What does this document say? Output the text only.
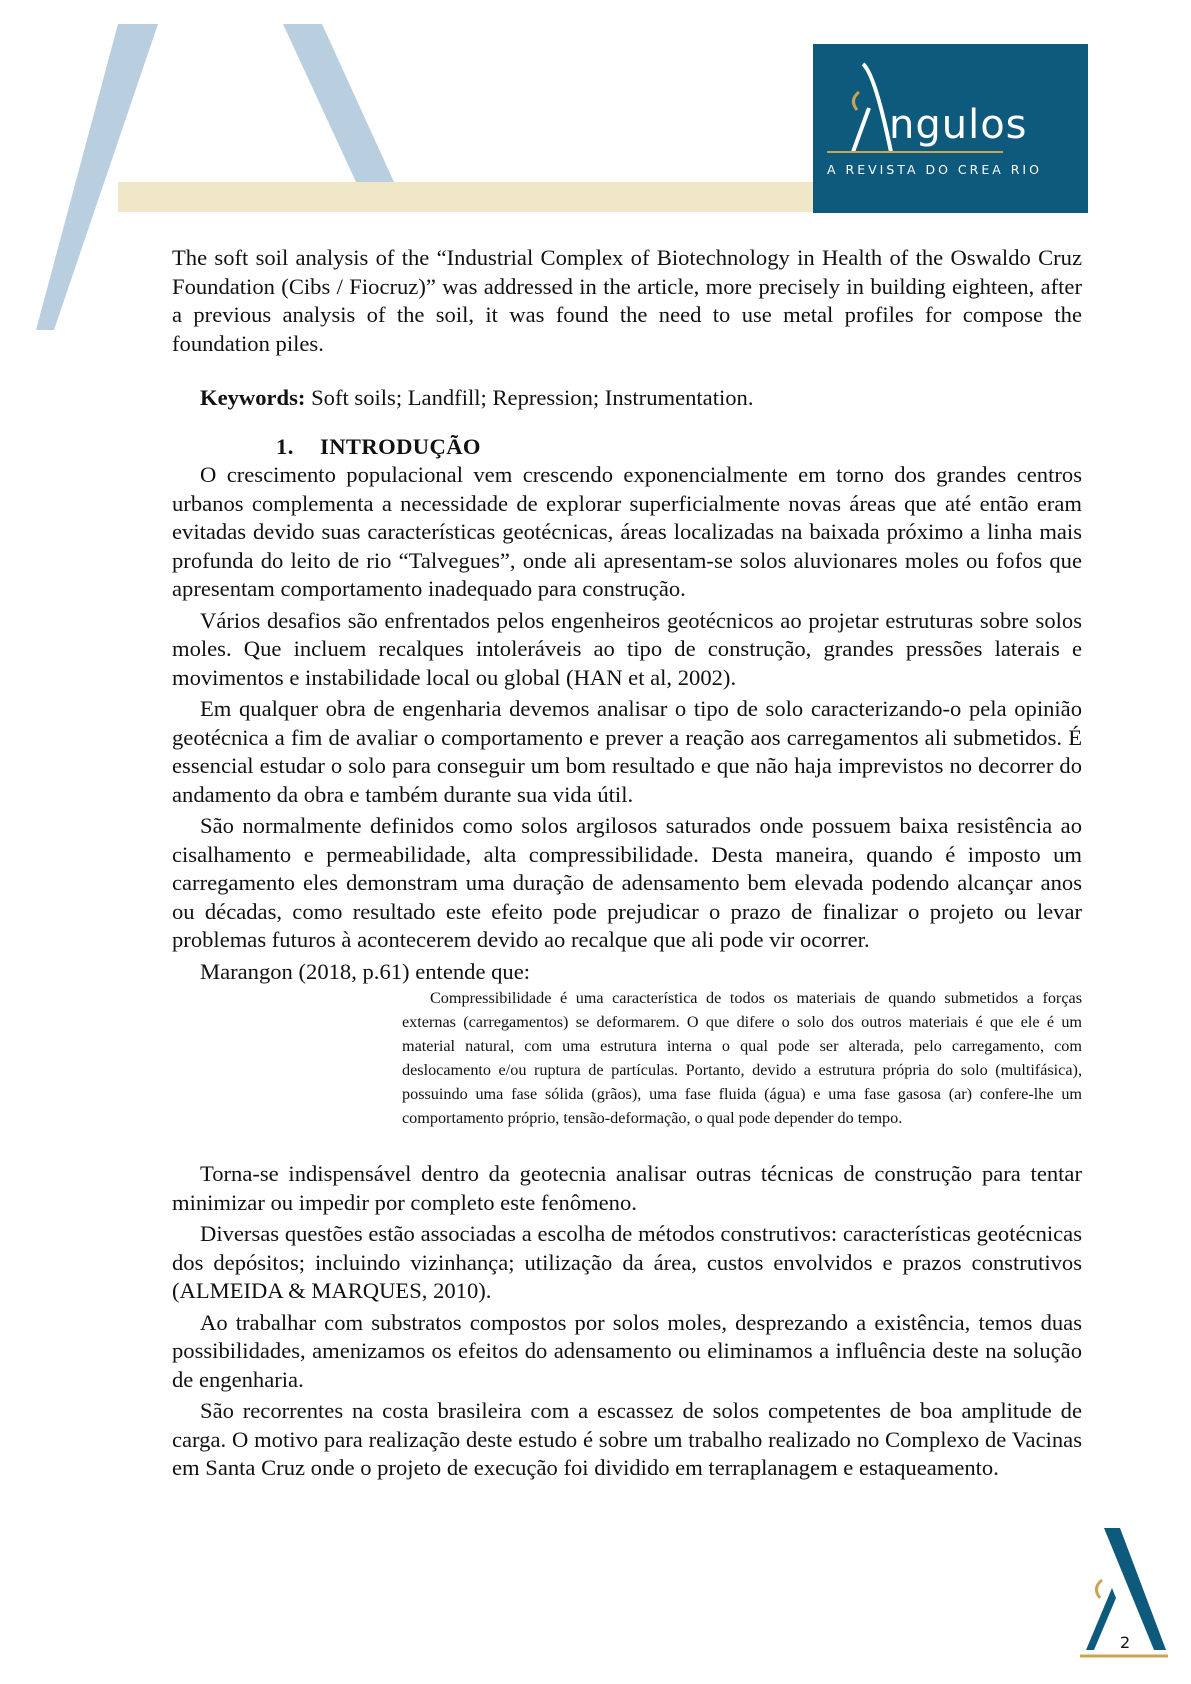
ngulos
A REVISTA DO CREA RIO

The soft soil analysis of the “Industrial Complex of Biotechnology in Health of the Oswaldo Cruz Foundation (Cibs / Fiocruz)” was addressed in the article, more precisely in building eighteen, after a previous analysis of the soil, it was found the need to use metal profiles for compose the foundation piles.

Keywords: Soft soils; Landfill; Repression; Instrumentation.

1. INTRODUÇÃO

O crescimento populacional vem crescendo exponencialmente em torno dos grandes centros urbanos complementa a necessidade de explorar superficialmente novas áreas que até então eram evitadas devido suas características geotécnicas, áreas localizadas na baixada próximo a linha mais profunda do leito de rio “Talvegues”, onde ali apresentam-se solos aluvionares moles ou fofos que apresentam comportamento inadequado para construção.

Vários desafios são enfrentados pelos engenheiros geotécnicos ao projetar estruturas sobre solos moles. Que incluem recalques intoleráveis ao tipo de construção, grandes pressões laterais e movimentos e instabilidade local ou global (HAN et al, 2002).

Em qualquer obra de engenharia devemos analisar o tipo de solo caracterizando-o pela opinião geotécnica a fim de avaliar o comportamento e prever a reação aos carregamentos ali submetidos. É essencial estudar o solo para conseguir um bom resultado e que não haja imprevistos no decorrer do andamento da obra e também durante sua vida útil.

São normalmente definidos como solos argilosos saturados onde possuem baixa resistência ao cisalhamento e permeabilidade, alta compressibilidade. Desta maneira, quando é imposto um carregamento eles demonstram uma duração de adensamento bem elevada podendo alcançar anos ou décadas, como resultado este efeito pode prejudicar o prazo de finalizar o projeto ou levar problemas futuros à acontecerem devido ao recalque que ali pode vir ocorrer.

Marangon (2018, p.61) entende que:

Compressibilidade é uma característica de todos os materiais de quando submetidos a forças externas (carregamentos) se deformarem. O que difere o solo dos outros materiais é que ele é um material natural, com uma estrutura interna o qual pode ser alterada, pelo carregamento, com deslocamento e/ou ruptura de partículas. Portanto, devido a estrutura própria do solo (multifásica), possuindo uma fase sólida (grãos), uma fase fluida (água) e uma fase gasosa (ar) confere-lhe um comportamento próprio, tensão-deformação, o qual pode depender do tempo.

Torna-se indispensável dentro da geotecnia analisar outras técnicas de construção para tentar minimizar ou impedir por completo este fenômeno.

Diversas questões estão associadas a escolha de métodos construtivos: características geotécnicas dos depósitos; incluindo vizinhança; utilização da área, custos envolvidos e prazos construtivos (ALMEIDA & MARQUES, 2010).

Ao trabalhar com substratos compostos por solos moles, desprezando a existência, temos duas possibilidades, amenizamos os efeitos do adensamento ou eliminamos a influência deste na solução de engenharia.

São recorrentes na costa brasileira com a escassez de solos competentes de boa amplitude de carga. O motivo para realização deste estudo é sobre um trabalho realizado no Complexo de Vacinas em Santa Cruz onde o projeto de execução foi dividido em terraplanagem e estaqueamento.

2
